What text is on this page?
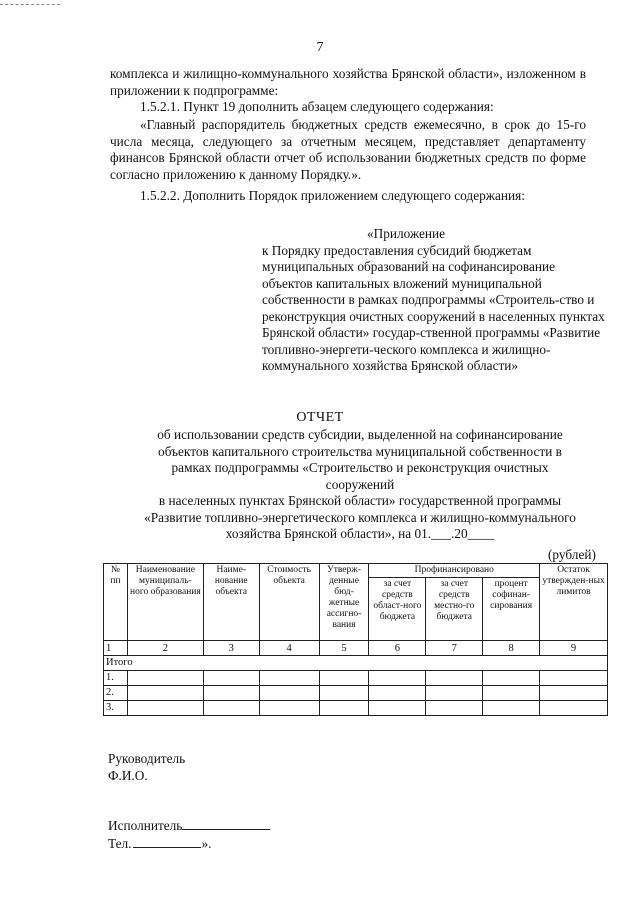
7

комплекса и жилищно-коммунального хозяйства Брянской области», изложенном в приложении к подпрограмме:

1.5.2.1. Пункт 19 дополнить абзацем следующего содержания:

«Главный распорядитель бюджетных средств ежемесячно, в срок до 15-го числа месяца, следующего за отчетным месяцем, представляет департаменту финансов Брянской области отчет об использовании бюджетных средств по форме согласно приложению к данному Порядку.».

1.5.2.2. Дополнить Порядок приложением следующего содержания:

«Приложение
к Порядку предоставления субсидий бюджетам муниципальных образований на софинансирование объектов капитальных вложений муниципальной собственности в рамках подпрограммы «Строитель-ство и реконструкция очистных сооружений в населенных пунктах Брянской области» государ-ственной программы «Развитие топливно-энергети-ческого комплекса и жилищно-коммунального хозяйства Брянской области»
ОТЧЕТ
об использовании средств субсидии, выделенной на софинансирование
объектов капитального строительства муниципальной собственности в
рамках подпрограммы «Строительство и реконструкция очистных
сооружений
в населенных пунктах Брянской области» государственной программы
«Развитие топливно-энергетического комплекса и жилищно-коммунального
хозяйства Брянской области», на 01.___.20____
(рублей)
№ пп	Наименование муниципаль-ного образования	Наиме-нование объекта	Стоимость объекта	Утверж-денные бюд-жетные ассигно-вания	Профинансировано			Остаток утвержден-ных лимитов
					за счет средств област-ного бюджета	за счет средств местно-го бюджета	процент софинан-сирования	
1	2	3	4	5	6	7	8	9
Итого								
1.								
2.								
3.								
Руководитель
Ф.И.О.
Исполнитель
Тел.	».
